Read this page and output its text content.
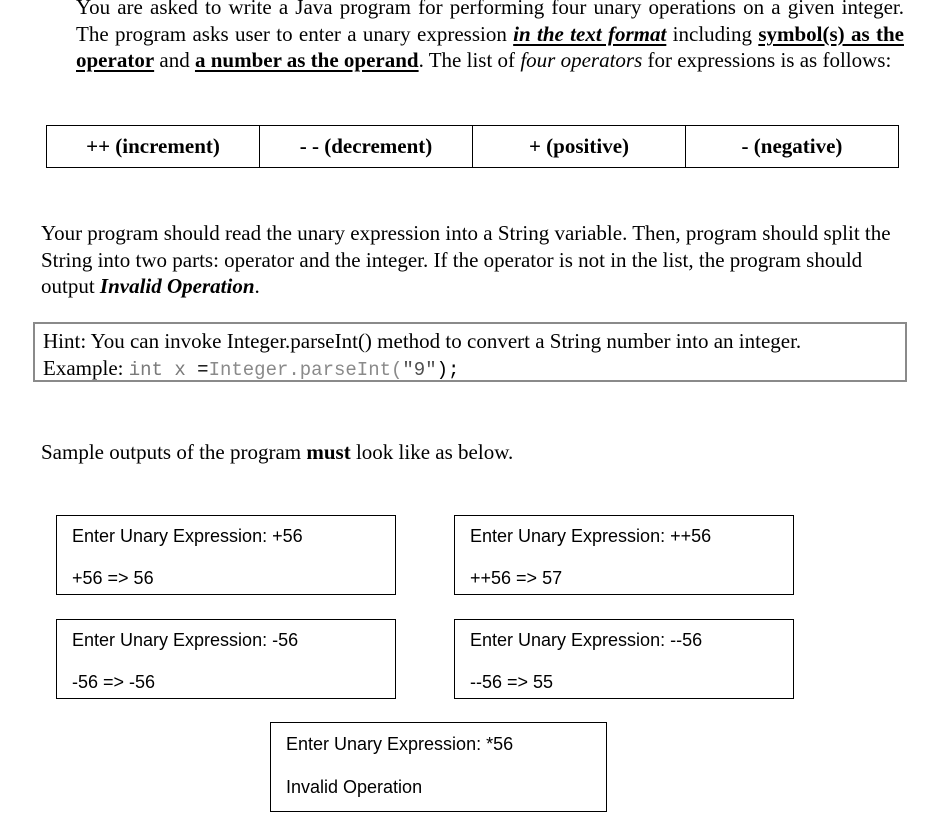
You are asked to write a Java program for performing four unary operations on a given integer. The program asks user to enter a unary expression in the text format including symbol(s) as the operator and a number as the operand. The list of four operators for expressions is as follows:

++ (increment)	- - (decrement)	+ (positive)	- (negative)

Your program should read the unary expression into a String variable. Then, program should split the String into two parts: operator and the integer. If the operator is not in the list, the program should output Invalid Operation.

Hint: You can invoke Integer.parseInt() method to convert a String number into an integer.
Example: int x =Integer.parseInt("9");

Sample outputs of the program must look like as below.

Enter Unary Expression: +56
+56 => 56
Enter Unary Expression: ++56
++56 => 57
Enter Unary Expression: -56
-56 => -56
Enter Unary Expression: --56
--56 => 55
Enter Unary Expression: *56
Invalid Operation
